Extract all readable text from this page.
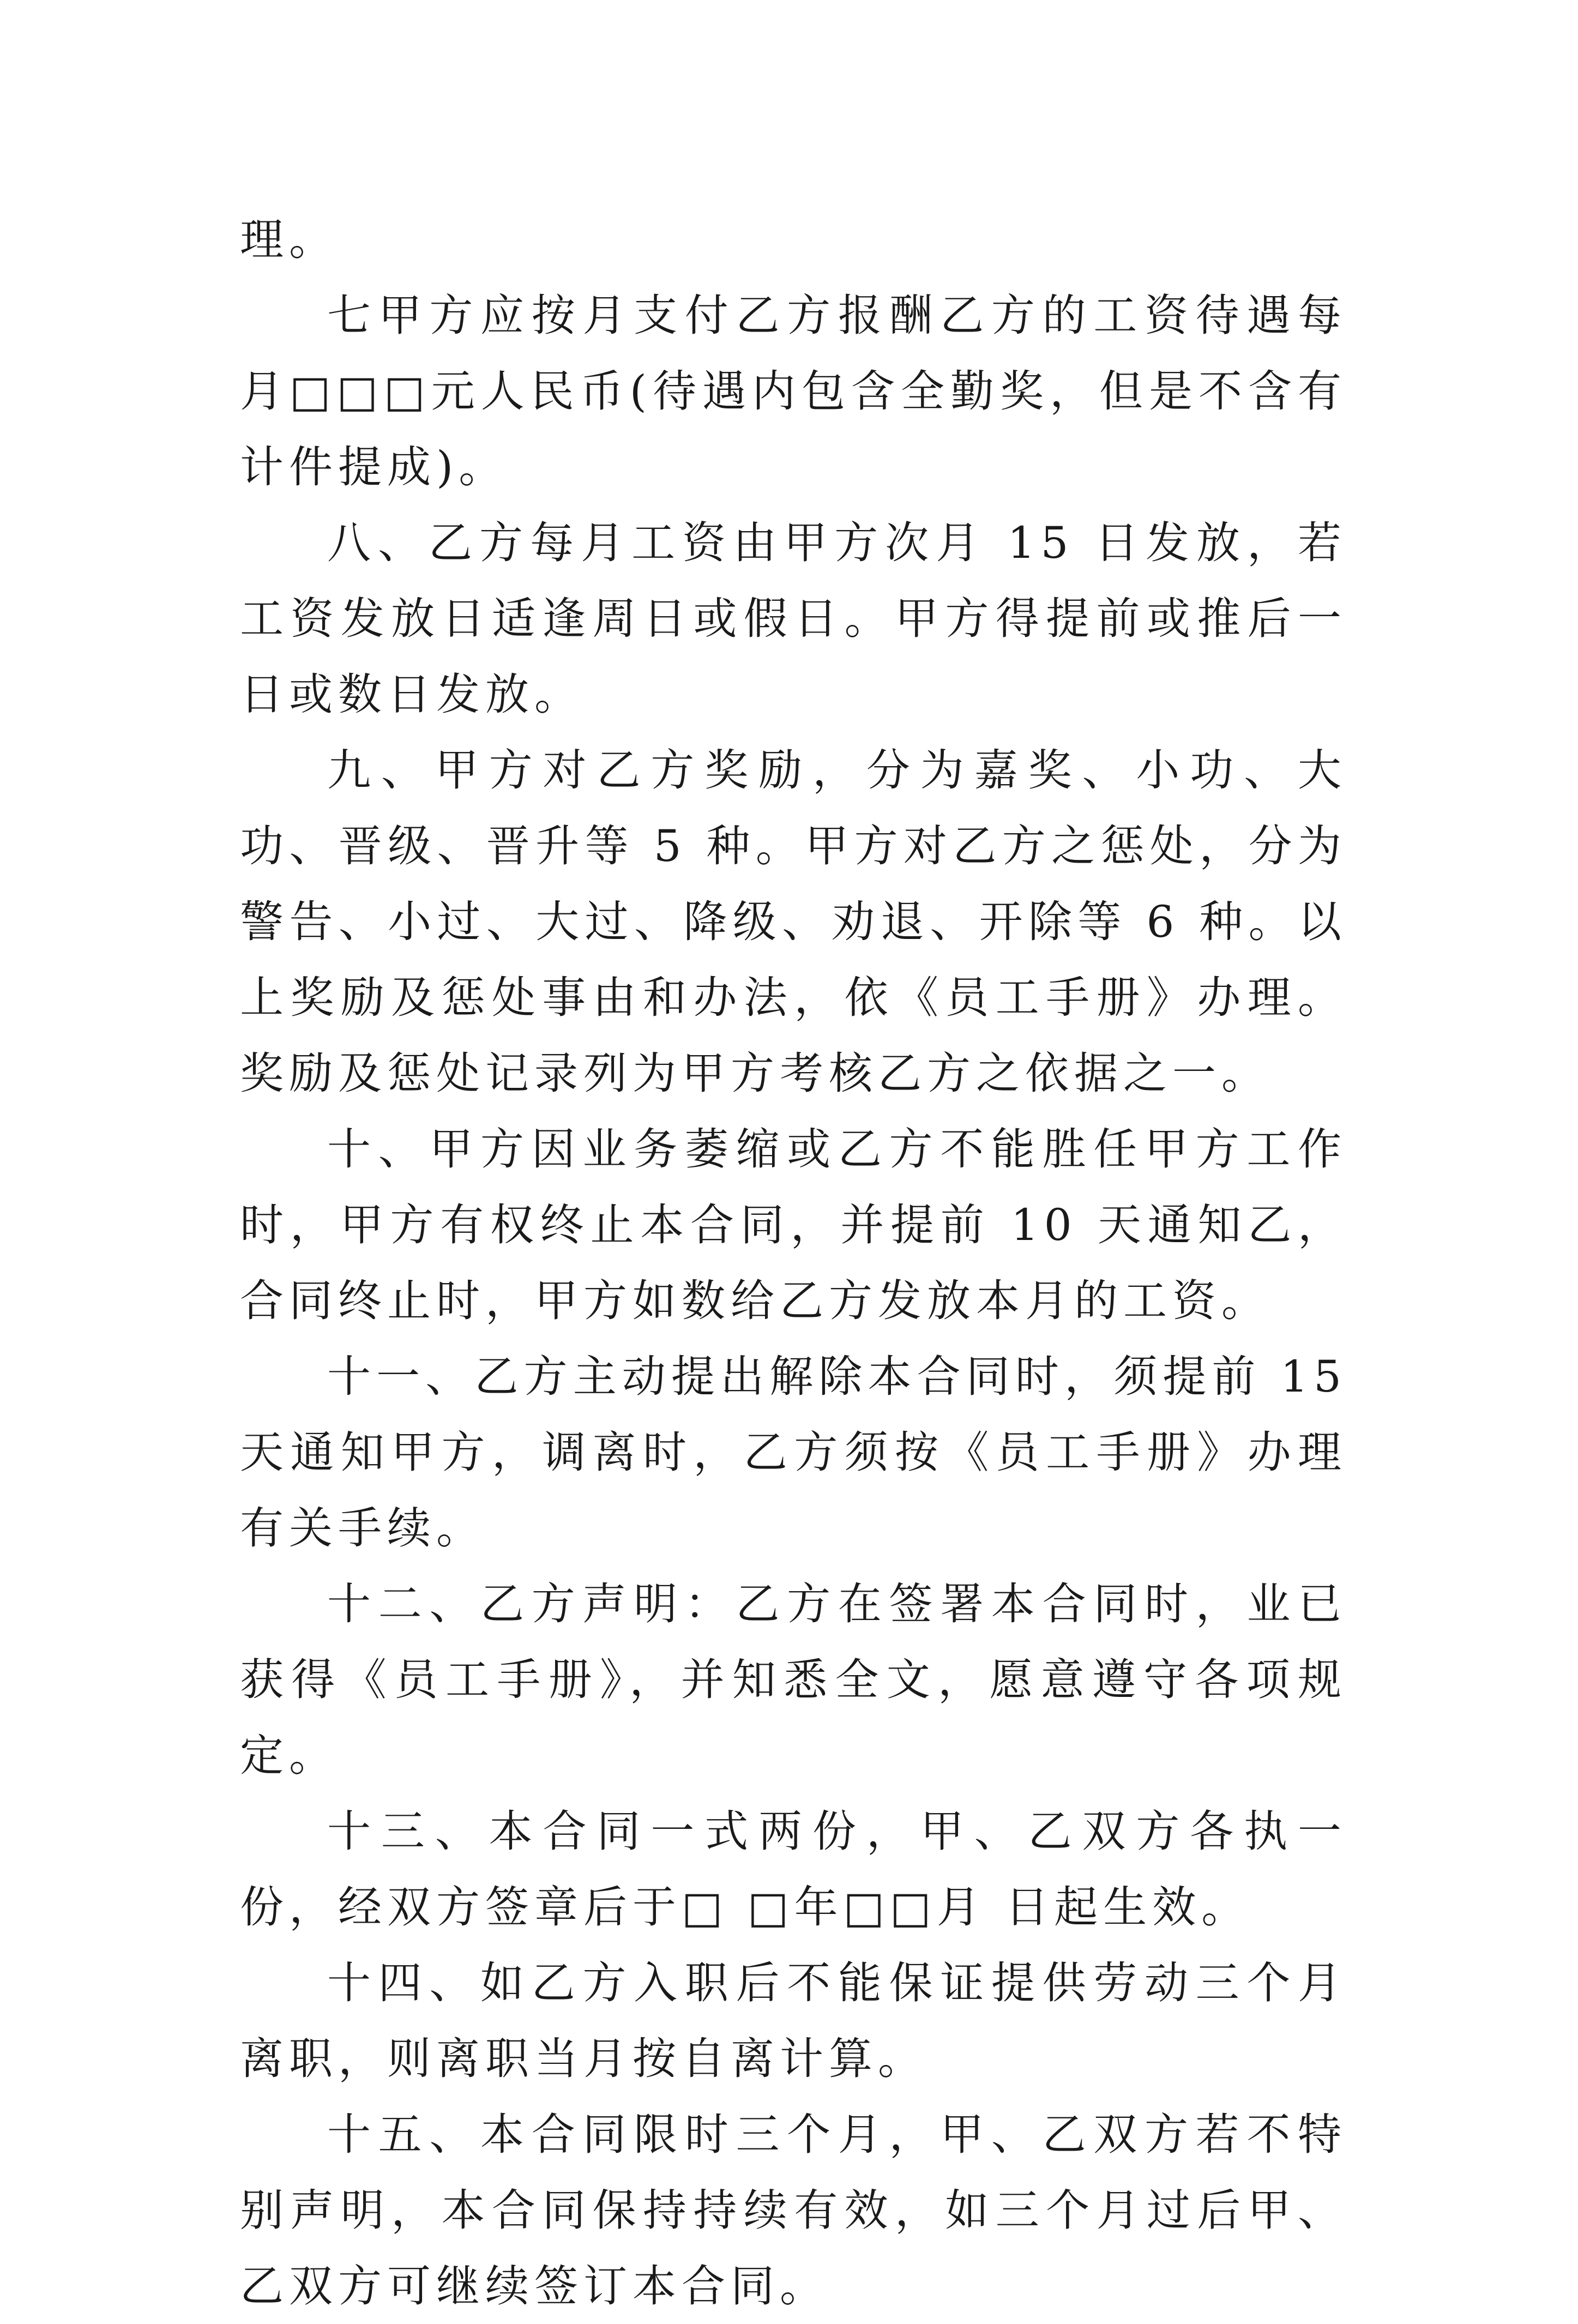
理。

七甲方应按月支付乙方报酬乙方的工资待遇每月□□□元人民币(待遇内包含全勤奖，但是不含有计件提成)。

八、乙方每月工资由甲方次月 15 日发放，若工资发放日适逢周日或假日。甲方得提前或推后一日或数日发放。

九、甲方对乙方奖励，分为嘉奖、小功、大功、晋级、晋升等 5 种。甲方对乙方之惩处，分为警告、小过、大过、降级、劝退、开除等 6 种。以上奖励及惩处事由和办法，依《员工手册》办理。奖励及惩处记录列为甲方考核乙方之依据之一。

十、甲方因业务萎缩或乙方不能胜任甲方工作时，甲方有权终止本合同，并提前 10 天通知乙，合同终止时，甲方如数给乙方发放本月的工资。

十一、乙方主动提出解除本合同时，须提前 15 天通知甲方，调离时，乙方须按《员工手册》办理有关手续。

十二、乙方声明：乙方在签署本合同时，业已获得《员工手册》，并知悉全文，愿意遵守各项规定。

十三、本合同一式两份，甲、乙双方各执一份，经双方签章后于□ □年□□月 日起生效。

十四、如乙方入职后不能保证提供劳动三个月离职，则离职当月按自离计算。

十五、本合同限时三个月，甲、乙双方若不特别声明，本合同保持持续有效，如三个月过后甲、乙双方可继续签订本合同。
